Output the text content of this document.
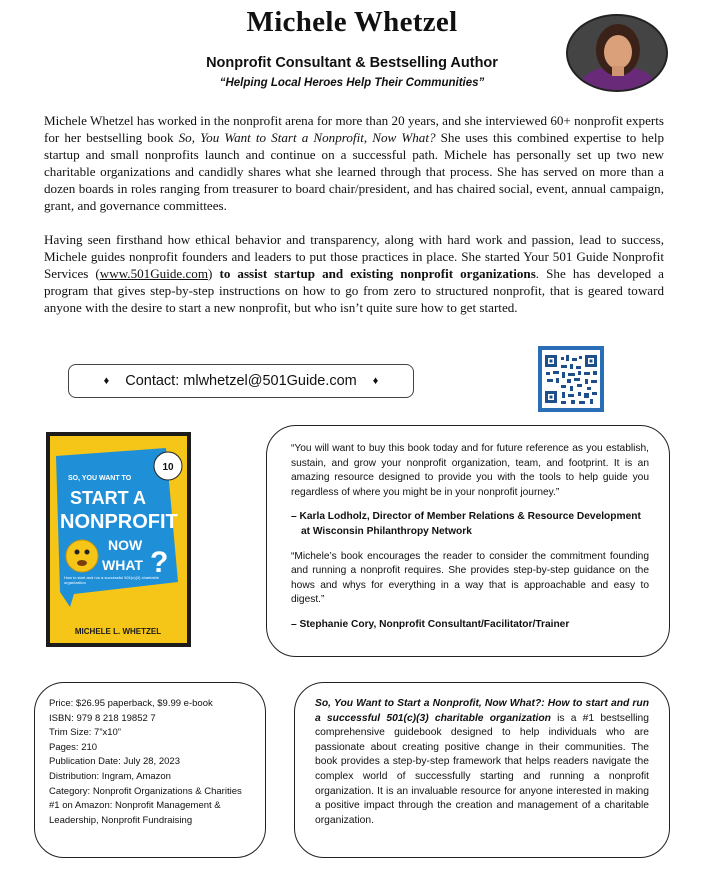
Michele Whetzel
Nonprofit Consultant & Bestselling Author
“Helping Local Heroes Help Their Communities”
Michele Whetzel has worked in the nonprofit arena for more than 20 years, and she interviewed 60+ nonprofit experts for her bestselling book So, You Want to Start a Nonprofit, Now What? She uses this combined expertise to help startup and small nonprofits launch and continue on a successful path. Michele has personally set up two new charitable organizations and candidly shares what she learned through that process. She has served on more than a dozen boards in roles ranging from treasurer to board chair/president, and has chaired social, event, annual campaign, grant, and governance committees.
Having seen firsthand how ethical behavior and transparency, along with hard work and passion, lead to success, Michele guides nonprofit founders and leaders to put those practices in place. She started Your 501 Guide Nonprofit Services (www.501Guide.com) to assist startup and existing nonprofit organizations. She has developed a program that gives step-by-step instructions on how to go from zero to structured nonprofit, that is geared toward anyone with the desire to start a new nonprofit, but who isn’t quite sure how to get started.
♦ Contact: mlwhetzel@501Guide.com ♦
10
SO, YOU WANT TO
START A
NONPROFIT
NOW
WHAT ?
How to start and run a successful 501(c)(3) charitable organization
MICHELE L. WHETZEL

“You will want to buy this book today and for future reference as you establish, sustain, and grow your nonprofit organization, team, and footprint. It is an amazing resource designed to provide you with the tools to help guide you regardless of where you might be in your nonprofit journey.”

– Karla Lodholz, Director of Member Relations & Resource Development
at Wisconsin Philanthropy Network

“Michele’s book encourages the reader to consider the commitment founding and running a nonprofit requires. She provides step-by-step guidance on the hows and whys for everything in a way that is approachable and easy to digest.”

– Stephanie Cory, Nonprofit Consultant/Facilitator/Trainer
Price: $26.95 paperback, $9.99 e-book
ISBN: 979 8 218 19852 7
Trim Size: 7”x10”
Pages: 210
Publication Date: July 28, 2023
Distribution: Ingram, Amazon
Category: Nonprofit Organizations & Charities
#1 on Amazon: Nonprofit Management & Leadership, Nonprofit Fundraising
So, You Want to Start a Nonprofit, Now What?: How to start and run a successful 501(c)(3) charitable organization is a #1 bestselling comprehensive guidebook designed to help individuals who are passionate about creating positive change in their communities. The book provides a step-by-step framework that helps readers navigate the complex world of successfully starting and running a nonprofit organization. It is an invaluable resource for anyone interested in making a positive impact through the creation and management of a charitable organization.
